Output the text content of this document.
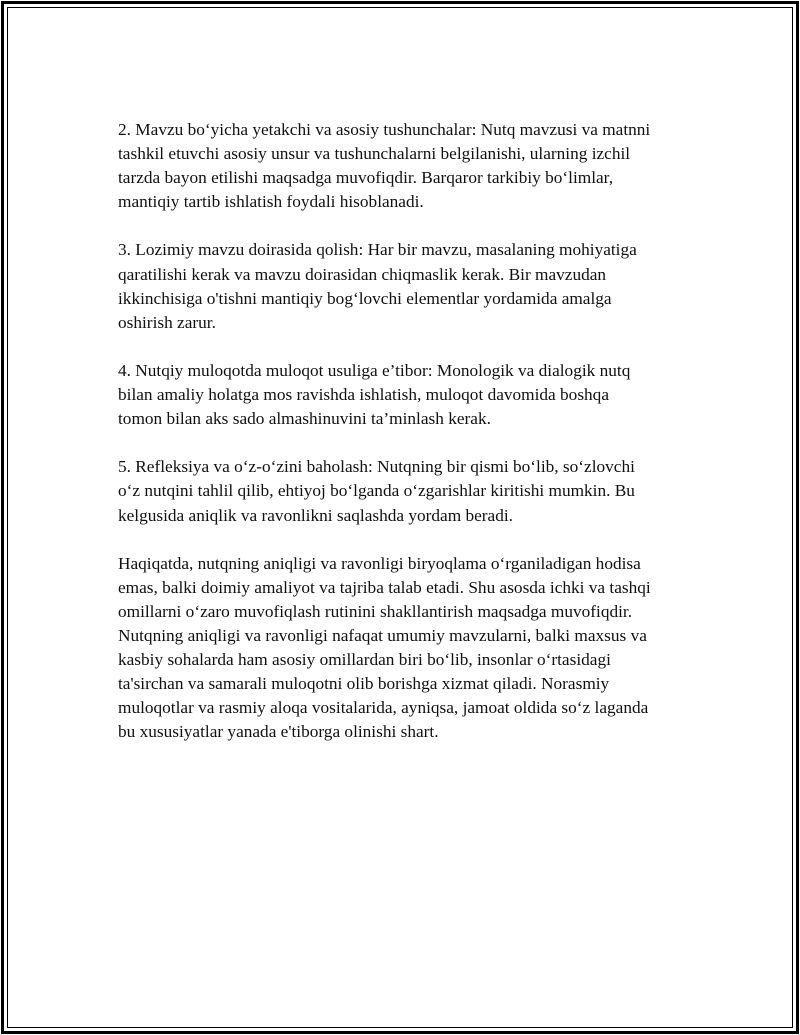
2. Mavzu boʻyicha yetakchi va asosiy tushunchalar: Nutq mavzusi va matnni
tashkil etuvchi asosiy unsur va tushunchalarni belgilanishi, ularning izchil
tarzda bayon etilishi maqsadga muvofiqdir. Barqaror tarkibiy boʻlimlar,
mantiqiy tartib ishlatish foydali hisoblanadi.

3. Lozimiy mavzu doirasida qolish: Har bir mavzu, masalaning mohiyatiga
qaratilishi kerak va mavzu doirasidan chiqmaslik kerak. Bir mavzudan
ikkinchisiga o'tishni mantiqiy bogʻlovchi elementlar yordamida amalga
oshirish zarur.

4. Nutqiy muloqotda muloqot usuliga e’tibor: Monologik va dialogik nutq
bilan amaliy holatga mos ravishda ishlatish, muloqot davomida boshqa
tomon bilan aks sado almashinuvini ta’minlash kerak.

5. Refleksiya va oʻz-oʻzini baholash: Nutqning bir qismi boʻlib, soʻzlovchi
oʻz nutqini tahlil qilib, ehtiyoj boʻlganda oʻzgarishlar kiritishi mumkin. Bu
kelgusida aniqlik va ravonlikni saqlashda yordam beradi.

Haqiqatda, nutqning aniqligi va ravonligi biryoqlama oʻrganiladigan hodisa
emas, balki doimiy amaliyot va tajriba talab etadi. Shu asosda ichki va tashqi
omillarni oʻzaro muvofiqlash rutinini shakllantirish maqsadga muvofiqdir.
Nutqning aniqligi va ravonligi nafaqat umumiy mavzularni, balki maxsus va
kasbiy sohalarda ham asosiy omillardan biri boʻlib, insonlar oʻrtasidagi
ta'sirchan va samarali muloqotni olib borishga xizmat qiladi. Norasmiy
muloqotlar va rasmiy aloqa vositalarida, ayniqsa, jamoat oldida soʻz laganda
bu xususiyatlar yanada e'tiborga olinishi shart.
